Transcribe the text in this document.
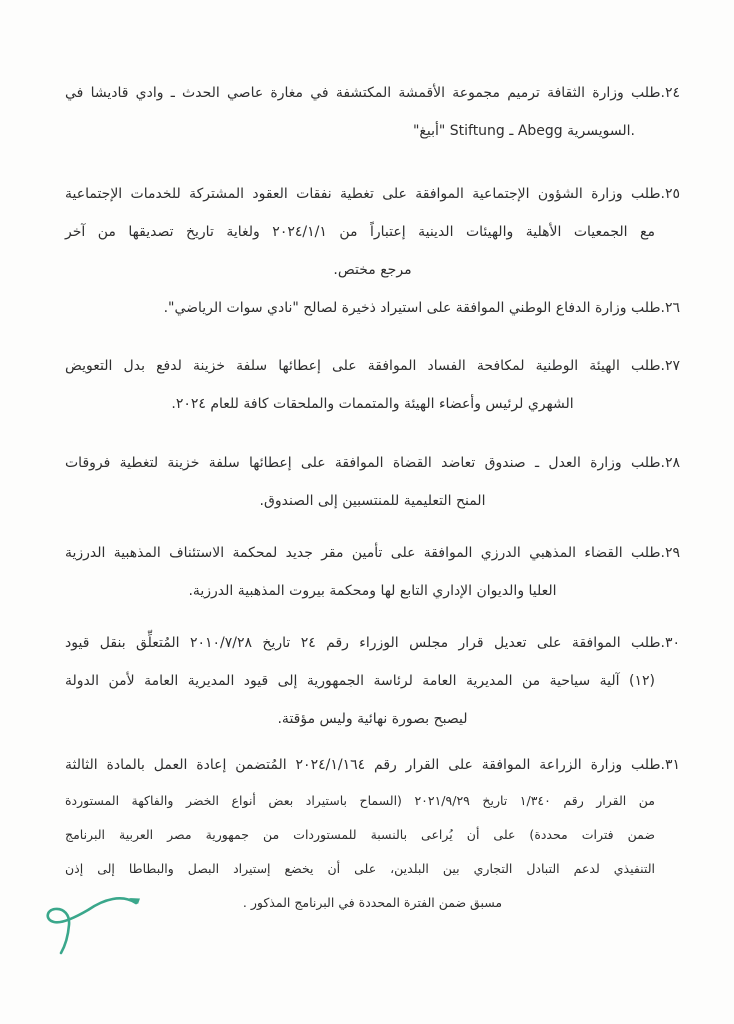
٢٤.طلب وزارة الثقافة ترميم مجموعة الأقمشة المكتشفة في مغارة عاصي الحدث ـ وادي قاديشا في
"أبيغ" Stiftung ـ Abegg السويسرية.
٢٥.طلب وزارة الشؤون الإجتماعية الموافقة على تغطية نفقات العقود المشتركة للخدمات الإجتماعية
مع الجمعيات الأهلية والهيئات الدينية إعتباراً من ٢٠٢٤/١/١ ولغاية تاريخ تصديقها من آخر
مرجع مختص.
٢٦.طلب وزارة الدفاع الوطني الموافقة على استيراد ذخيرة لصالح "نادي سوات الرياضي".
٢٧.طلب الهيئة الوطنية لمكافحة الفساد الموافقة على إعطائها سلفة خزينة لدفع بدل التعويض
الشهري لرئيس وأعضاء الهيئة والمتممات والملحقات كافة للعام ٢٠٢٤.
٢٨.طلب وزارة العدل ـ صندوق تعاضد القضاة الموافقة على إعطائها سلفة خزينة لتغطية فروقات
المنح التعليمية للمنتسبين إلى الصندوق.
٢٩.طلب القضاء المذهبي الدرزي الموافقة على تأمين مقر جديد لمحكمة الاستئناف المذهبية الدرزية
العليا والديوان الإداري التابع لها ومحكمة بيروت المذهبية الدرزية.
٣٠.طلب الموافقة على تعديل قرار مجلس الوزراء رقم ٢٤ تاريخ ٢٠١٠/٧/٢٨ المُتعلِّق بنقل قيود
(١٢) آلية سياحية من المديرية العامة لرئاسة الجمهورية إلى قيود المديرية العامة لأمن الدولة
ليصبح بصورة نهائية وليس مؤقتة.
٣١.طلب وزارة الزراعة الموافقة على القرار رقم ٢٠٢٤/١/١٦٤ المُتضمن إعادة العمل بالمادة الثالثة
من القرار رقم ١/٣٤٠ تاريخ ٢٠٢١/٩/٢٩ (السماح باستيراد بعض أنواع الخضر والفاكهة المستوردة
ضمن فترات محددة) على أن يُراعى بالنسبة للمستوردات من جمهورية مصر العربية البرنامج
التنفيذي لدعم التبادل التجاري بين البلدين، على أن يخضع إستيراد البصل والبطاطا إلى إذن
مسبق ضمن الفترة المحددة في البرنامج المذكور .
